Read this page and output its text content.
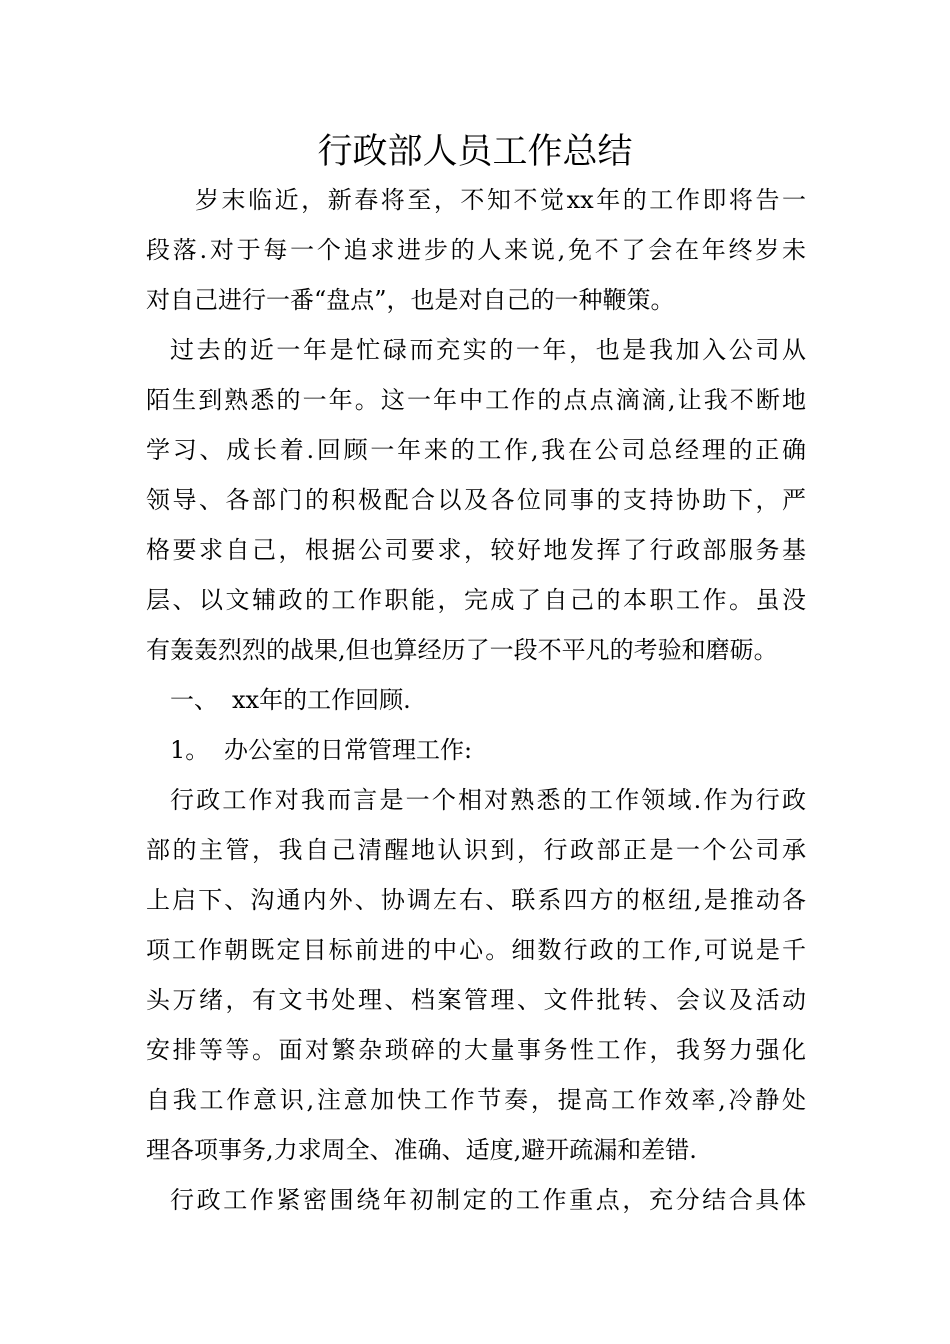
行政部人员工作总结
岁末临近，新春将至，不知不觉xx年的工作即将告一
段落.对于每一个追求进步的人来说,免不了会在年终岁未
对自己进行一番“盘点”，也是对自己的一种鞭策。
过去的近一年是忙碌而充实的一年，也是我加入公司从
陌生到熟悉的一年。这一年中工作的点点滴滴,让我不断地
学习、成长着.回顾一年来的工作,我在公司总经理的正确
领导、各部门的积极配合以及各位同事的支持协助下，严
格要求自己，根据公司要求，较好地发挥了行政部服务基
层、以文辅政的工作职能，完成了自己的本职工作。虽没
有轰轰烈烈的战果,但也算经历了一段不平凡的考验和磨砺。
一、 xx年的工作回顾.
1。 办公室的日常管理工作:
行政工作对我而言是一个相对熟悉的工作领域.作为行政
部的主管，我自己清醒地认识到，行政部正是一个公司承
上启下、沟通内外、协调左右、联系四方的枢纽,是推动各
项工作朝既定目标前进的中心。细数行政的工作,可说是千
头万绪，有文书处理、档案管理、文件批转、会议及活动
安排等等。面对繁杂琐碎的大量事务性工作，我努力强化
自我工作意识,注意加快工作节奏，提高工作效率,冷静处
理各项事务,力求周全、准确、适度,避开疏漏和差错.
行政工作紧密围绕年初制定的工作重点，充分结合具体
